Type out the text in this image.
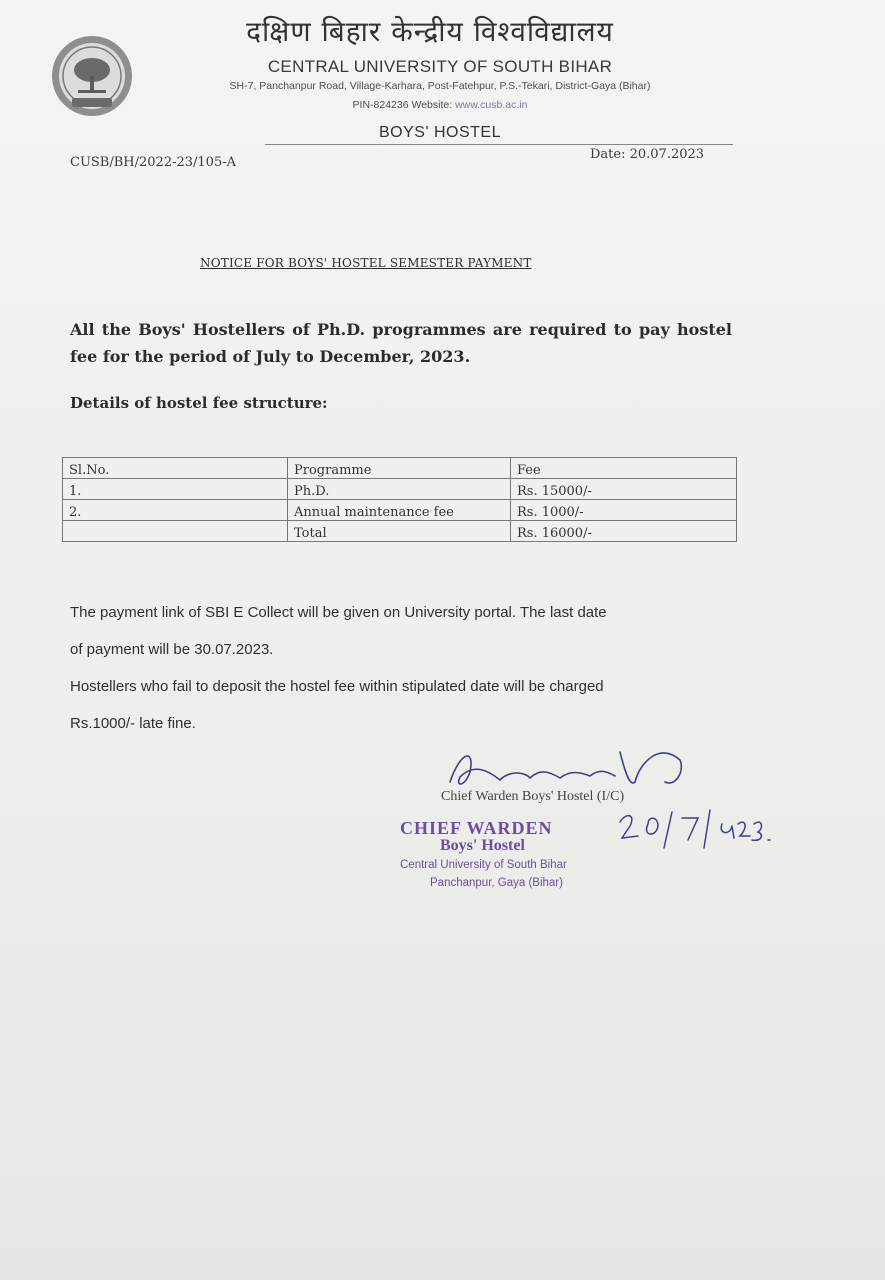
दक्षिण बिहार केन्द्रीय विश्वविद्यालय
CENTRAL UNIVERSITY OF SOUTH BIHAR
SH-7, Panchanpur Road, Village-Karhara, Post-Fatehpur, P.S.-Tekari, District-Gaya (Bihar)
PIN-824236 Website: www.cusb.ac.in
BOYS' HOSTEL
CUSB/BH/2022-23/105-A
Date: 20.07.2023
NOTICE FOR BOYS' HOSTEL SEMESTER PAYMENT
All the Boys' Hostellers of Ph.D. programmes are required to pay hostel fee for the period of July to December, 2023.
Details of hostel fee structure:
Sl.No.	Programme	Fee
1.	Ph.D.	Rs. 15000/-
2.	Annual maintenance fee	Rs. 1000/-
	Total	Rs. 16000/-
The payment link of SBI E Collect will be given on University portal. The last date
of payment will be 30.07.2023.
Hostellers who fail to deposit the hostel fee within stipulated date will be charged
Rs.1000/- late fine.
Chief Warden Boys' Hostel (I/C)
CHIEF WARDEN
Boys' Hostel
Central University of South Bihar
Panchanpur, Gaya (Bihar)
